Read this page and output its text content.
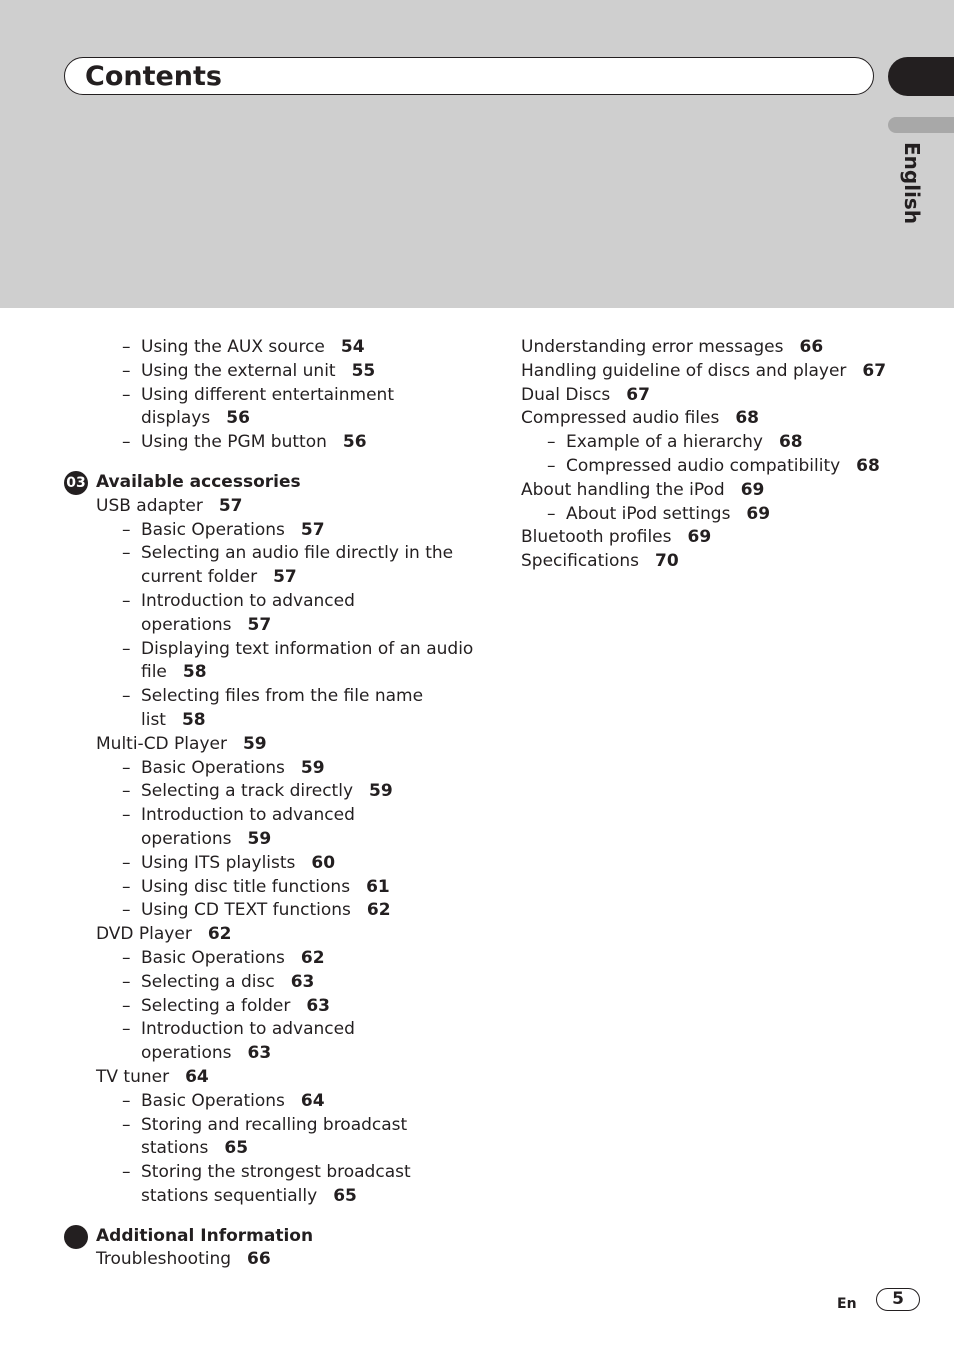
Contents
English
– Using the AUX source 54
– Using the external unit 55
– Using different entertainment
displays 56
– Using the PGM button 56
03 Available accessories
USB adapter 57
– Basic Operations 57
– Selecting an audio file directly in the
current folder 57
– Introduction to advanced
operations 57
– Displaying text information of an audio
file 58
– Selecting files from the file name
list 58
Multi-CD Player 59
– Basic Operations 59
– Selecting a track directly 59
– Introduction to advanced
operations 59
– Using ITS playlists 60
– Using disc title functions 61
– Using CD TEXT functions 62
DVD Player 62
– Basic Operations 62
– Selecting a disc 63
– Selecting a folder 63
– Introduction to advanced
operations 63
TV tuner 64
– Basic Operations 64
– Storing and recalling broadcast
stations 65
– Storing the strongest broadcast
stations sequentially 65
Additional Information
Troubleshooting 66
Understanding error messages 66
Handling guideline of discs and player 67
Dual Discs 67
Compressed audio files 68
– Example of a hierarchy 68
– Compressed audio compatibility 68
About handling the iPod 69
– About iPod settings 69
Bluetooth profiles 69
Specifications 70
En	5
